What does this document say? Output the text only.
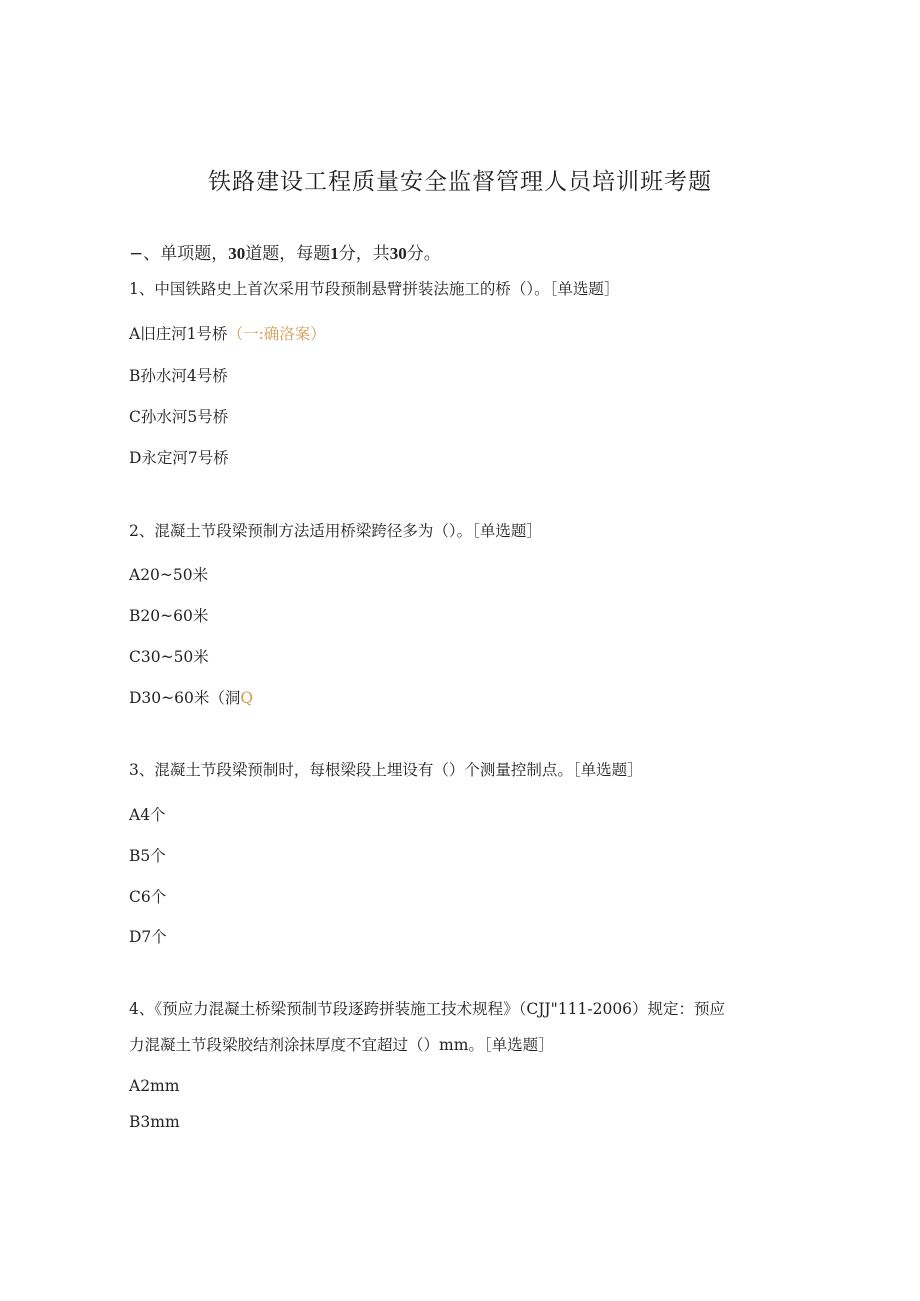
铁路建设工程质量安全监督管理人员培训班考题
−、单项题，30道题，每题1分，共30分。
1、中国铁路史上首次采用节段预制悬臂拼装法施工的桥（）。［单选题］
A旧庄河1号桥（一:确洛案）
B孙水河4号桥
C孙水河5号桥
D永定河7号桥
2、混凝土节段梁预制方法适用桥梁跨径多为（）。［单选题］
A20~50米
B20~60米
C30~50米
D30~60米（洞Q
3、混凝土节段梁预制时，每根梁段上埋设有（）个测量控制点。［单选题］
A4个
B5个
C6个
D7个
4、《预应力混凝土桥梁预制节段逐跨拼装施工技术规程》（CJJ"111-2006）规定：预应
力混凝土节段梁胶结剂涂抹厚度不宜超过（）mm。［单选题］
A2mm
B3mm
